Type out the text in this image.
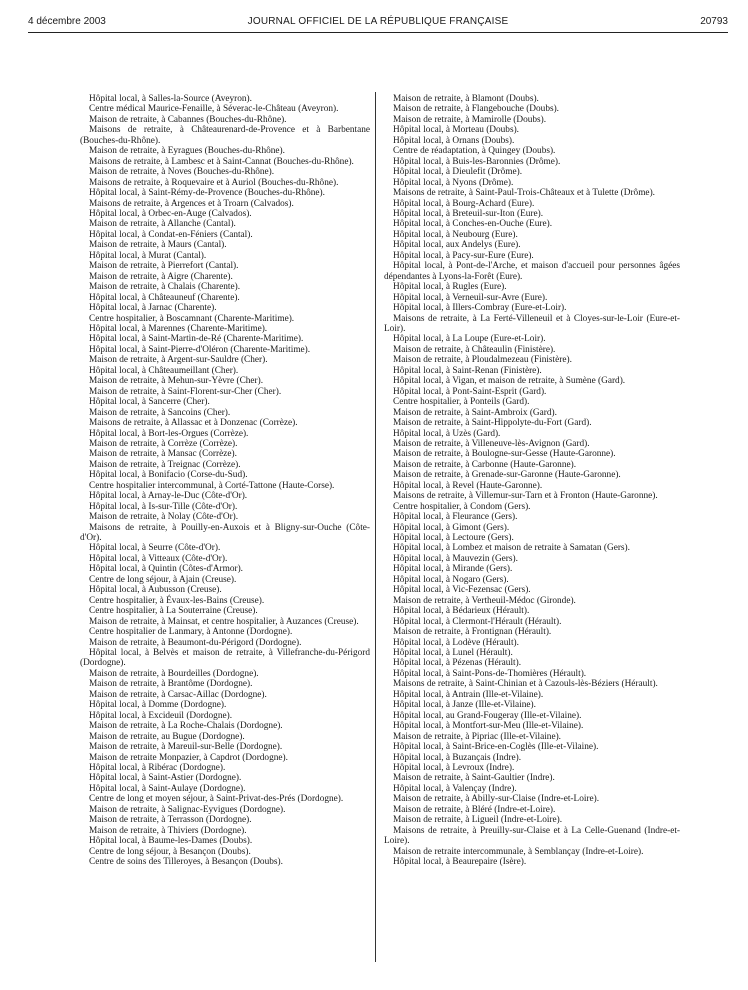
4 décembre 2003	JOURNAL OFFICIEL DE LA RÉPUBLIQUE FRANÇAISE	20793

Hôpital local, à Salles-la-Source (Aveyron).

Centre médical Maurice-Fenaille, à Séverac-le-Château (Aveyron).

Maison de retraite, à Cabannes (Bouches-du-Rhône).

Maisons de retraite, à Châteaurenard-de-Provence et à Barbentane (Bouches-du-Rhône).

Maison de retraite, à Eyragues (Bouches-du-Rhône).

Maisons de retraite, à Lambesc et à Saint-Cannat (Bouches-du-Rhône).

Maison de retraite, à Noves (Bouches-du-Rhône).

Maisons de retraite, à Roquevaire et à Auriol (Bouches-du-Rhône).

Hôpital local, à Saint-Rémy-de-Provence (Bouches-du-Rhône).

Maisons de retraite, à Argences et à Troarn (Calvados).

Hôpital local, à Orbec-en-Auge (Calvados).

Maison de retraite, à Allanche (Cantal).

Hôpital local, à Condat-en-Féniers (Cantal).

Maison de retraite, à Maurs (Cantal).

Hôpital local, à Murat (Cantal).

Maison de retraite, à Pierrefort (Cantal).

Maison de retraite, à Aigre (Charente).

Maison de retraite, à Chalais (Charente).

Hôpital local, à Châteauneuf (Charente).

Hôpital local, à Jarnac (Charente).

Centre hospitalier, à Boscamnant (Charente-Maritime).

Hôpital local, à Marennes (Charente-Maritime).

Hôpital local, à Saint-Martin-de-Ré (Charente-Maritime).

Hôpital local, à Saint-Pierre-d'Oléron (Charente-Maritime).

Maison de retraite, à Argent-sur-Sauldre (Cher).

Hôpital local, à Châteaumeillant (Cher).

Maison de retraite, à Mehun-sur-Yèvre (Cher).

Maison de retraite, à Saint-Florent-sur-Cher (Cher).

Hôpital local, à Sancerre (Cher).

Maison de retraite, à Sancoins (Cher).

Maisons de retraite, à Allassac et à Donzenac (Corrèze).

Hôpital local, à Bort-les-Orgues (Corrèze).

Maison de retraite, à Corrèze (Corrèze).

Maison de retraite, à Mansac (Corrèze).

Maison de retraite, à Treignac (Corrèze).

Hôpital local, à Bonifacio (Corse-du-Sud).

Centre hospitalier intercommunal, à Corté-Tattone (Haute-Corse).

Hôpital local, à Arnay-le-Duc (Côte-d'Or).

Hôpital local, à Is-sur-Tille (Côte-d'Or).

Maison de retraite, à Nolay (Côte-d'Or).

Maisons de retraite, à Pouilly-en-Auxois et à Bligny-sur-Ouche (Côte-d'Or).

Hôpital local, à Seurre (Côte-d'Or).

Hôpital local, à Vitteaux (Côte-d'Or).

Hôpital local, à Quintin (Côtes-d'Armor).

Centre de long séjour, à Ajain (Creuse).

Hôpital local, à Aubusson (Creuse).

Centre hospitalier, à Évaux-les-Bains (Creuse).

Centre hospitalier, à La Souterraine (Creuse).

Maison de retraite, à Mainsat, et centre hospitalier, à Auzances (Creuse).

Centre hospitalier de Lanmary, à Antonne (Dordogne).

Maison de retraite, à Beaumont-du-Périgord (Dordogne).

Hôpital local, à Belvès et maison de retraite, à Villefranche-du-Périgord (Dordogne).

Maison de retraite, à Bourdeilles (Dordogne).

Maison de retraite, à Brantôme (Dordogne).

Maison de retraite, à Carsac-Aillac (Dordogne).

Hôpital local, à Domme (Dordogne).

Hôpital local, à Excideuil (Dordogne).

Maison de retraite, à La Roche-Chalais (Dordogne).

Maison de retraite, au Bugue (Dordogne).

Maison de retraite, à Mareuil-sur-Belle (Dordogne).

Maison de retraite Monpazier, à Capdrot (Dordogne).

Hôpital local, à Ribérac (Dordogne).

Hôpital local, à Saint-Astier (Dordogne).

Hôpital local, à Saint-Aulaye (Dordogne).

Centre de long et moyen séjour, à Saint-Privat-des-Prés (Dordogne).

Maison de retraite, à Salignac-Eyvigues (Dordogne).

Maison de retraite, à Terrasson (Dordogne).

Maison de retraite, à Thiviers (Dordogne).

Hôpital local, à Baume-les-Dames (Doubs).

Centre de long séjour, à Besançon (Doubs).

Centre de soins des Tilleroyes, à Besançon (Doubs).

Maison de retraite, à Blamont (Doubs).

Maison de retraite, à Flangebouche (Doubs).

Maison de retraite, à Mamirolle (Doubs).

Hôpital local, à Morteau (Doubs).

Hôpital local, à Ornans (Doubs).

Centre de réadaptation, à Quingey (Doubs).

Hôpital local, à Buis-les-Baronnies (Drôme).

Hôpital local, à Dieulefit (Drôme).

Hôpital local, à Nyons (Drôme).

Maisons de retraite, à Saint-Paul-Trois-Châteaux et à Tulette (Drôme).

Hôpital local, à Bourg-Achard (Eure).

Hôpital local, à Breteuil-sur-Iton (Eure).

Hôpital local, à Conches-en-Ouche (Eure).

Hôpital local, à Neubourg (Eure).

Hôpital local, aux Andelys (Eure).

Hôpital local, à Pacy-sur-Eure (Eure).

Hôpital local, à Pont-de-l'Arche, et maison d'accueil pour personnes âgées dépendantes à Lyons-la-Forêt (Eure).

Hôpital local, à Rugles (Eure).

Hôpital local, à Verneuil-sur-Avre (Eure).

Hôpital local, à Illers-Combray (Eure-et-Loir).

Maisons de retraite, à La Ferté-Villeneuil et à Cloyes-sur-le-Loir (Eure-et-Loir).

Hôpital local, à La Loupe (Eure-et-Loir).

Maison de retraite, à Châteaulin (Finistère).

Maison de retraite, à Ploudalmezeau (Finistère).

Hôpital local, à Saint-Renan (Finistère).

Hôpital local, à Vigan, et maison de retraite, à Sumène (Gard).

Hôpital local, à Pont-Saint-Esprit (Gard).

Centre hospitalier, à Ponteils (Gard).

Maison de retraite, à Saint-Ambroix (Gard).

Maison de retraite, à Saint-Hippolyte-du-Fort (Gard).

Hôpital local, à Uzès (Gard).

Maison de retraite, à Villeneuve-lès-Avignon (Gard).

Maison de retraite, à Boulogne-sur-Gesse (Haute-Garonne).

Maison de retraite, à Carbonne (Haute-Garonne).

Maison de retraite, à Grenade-sur-Garonne (Haute-Garonne).

Hôpital local, à Revel (Haute-Garonne).

Maisons de retraite, à Villemur-sur-Tarn et à Fronton (Haute-Garonne).

Centre hospitalier, à Condom (Gers).

Hôpital local, à Fleurance (Gers).

Hôpital local, à Gimont (Gers).

Hôpital local, à Lectoure (Gers).

Hôpital local, à Lombez et maison de retraite à Samatan (Gers).

Hôpital local, à Mauvezin (Gers).

Hôpital local, à Mirande (Gers).

Hôpital local, à Nogaro (Gers).

Hôpital local, à Vic-Fezensac (Gers).

Maison de retraite, à Vertheuil-Médoc (Gironde).

Hôpital local, à Bédarieux (Hérault).

Hôpital local, à Clermont-l'Hérault (Hérault).

Maison de retraite, à Frontignan (Hérault).

Hôpital local, à Lodève (Hérault).

Hôpital local, à Lunel (Hérault).

Hôpital local, à Pézenas (Hérault).

Hôpital local, à Saint-Pons-de-Thomières (Hérault).

Maisons de retraite, à Saint-Chinian et à Cazouls-lès-Béziers (Hérault).

Hôpital local, à Antrain (Ille-et-Vilaine).

Hôpital local, à Janze (Ille-et-Vilaine).

Hôpital local, au Grand-Fougeray (Ille-et-Vilaine).

Hôpital local, à Montfort-sur-Meu (Ille-et-Vilaine).

Maison de retraite, à Pipriac (Ille-et-Vilaine).

Hôpital local, à Saint-Brice-en-Coglès (Ille-et-Vilaine).

Hôpital local, à Buzançais (Indre).

Hôpital local, à Levroux (Indre).

Maison de retraite, à Saint-Gaultier (Indre).

Hôpital local, à Valençay (Indre).

Maison de retraite, à Abilly-sur-Claise (Indre-et-Loire).

Maison de retraite, à Bléré (Indre-et-Loire).

Maison de retraite, à Ligueil (Indre-et-Loire).

Maisons de retraite, à Preuilly-sur-Claise et à La Celle-Guenand (Indre-et-Loire).

Maison de retraite intercommunale, à Semblançay (Indre-et-Loire).

Hôpital local, à Beaurepaire (Isère).
